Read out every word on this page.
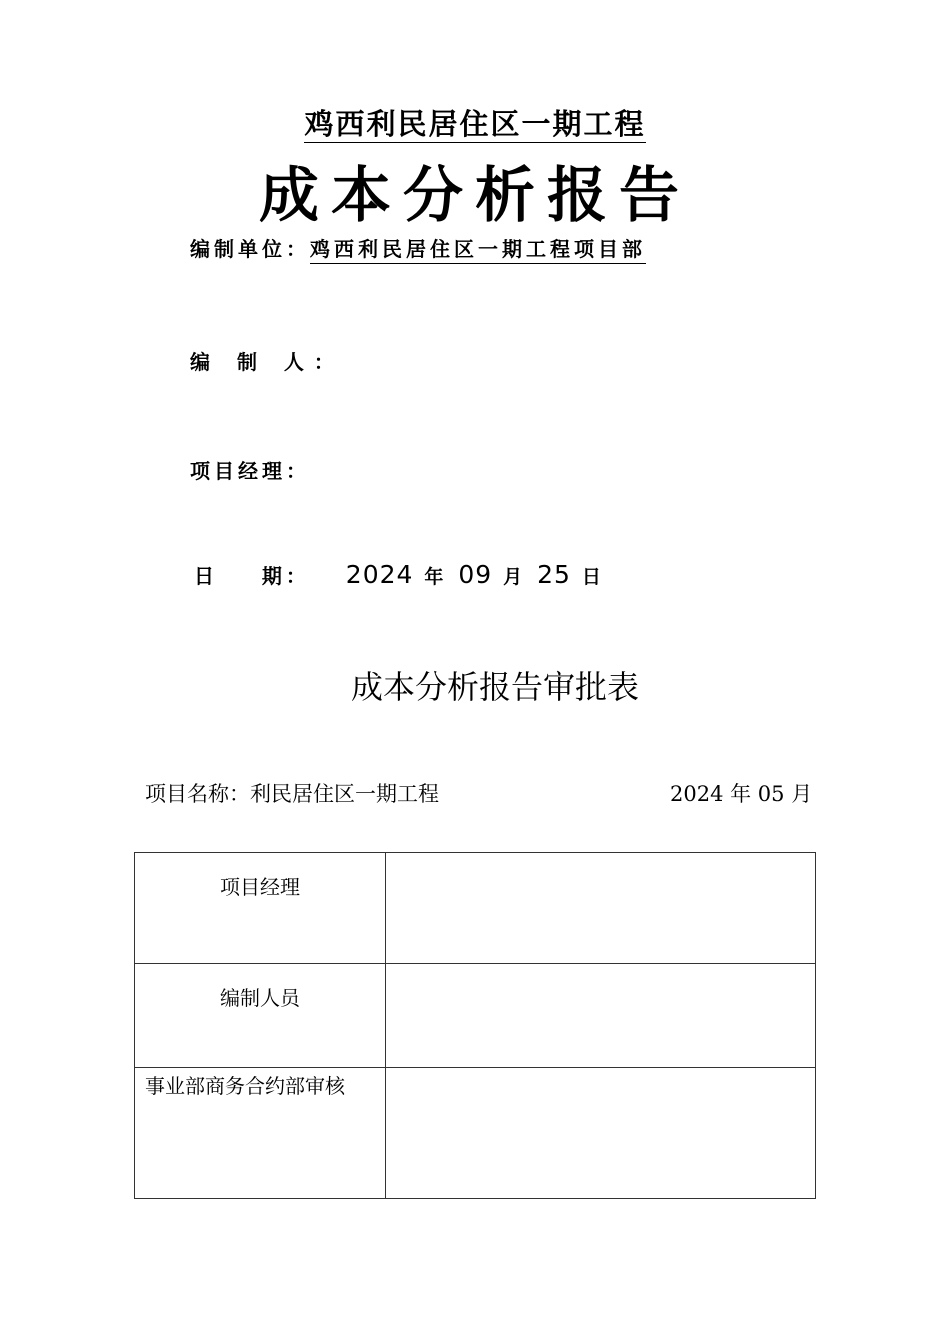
鸡西利民居住区一期工程
成本分析报告
编制单位：鸡西利民居住区一期工程项目部
编 制 人：
项目经理：
日    期： 2024 年 09 月 25 日
成本分析报告审批表
项目名称：利民居住区一期工程	2024 年 05 月
项目经理	
编制人员	
事业部商务合约部审核	
